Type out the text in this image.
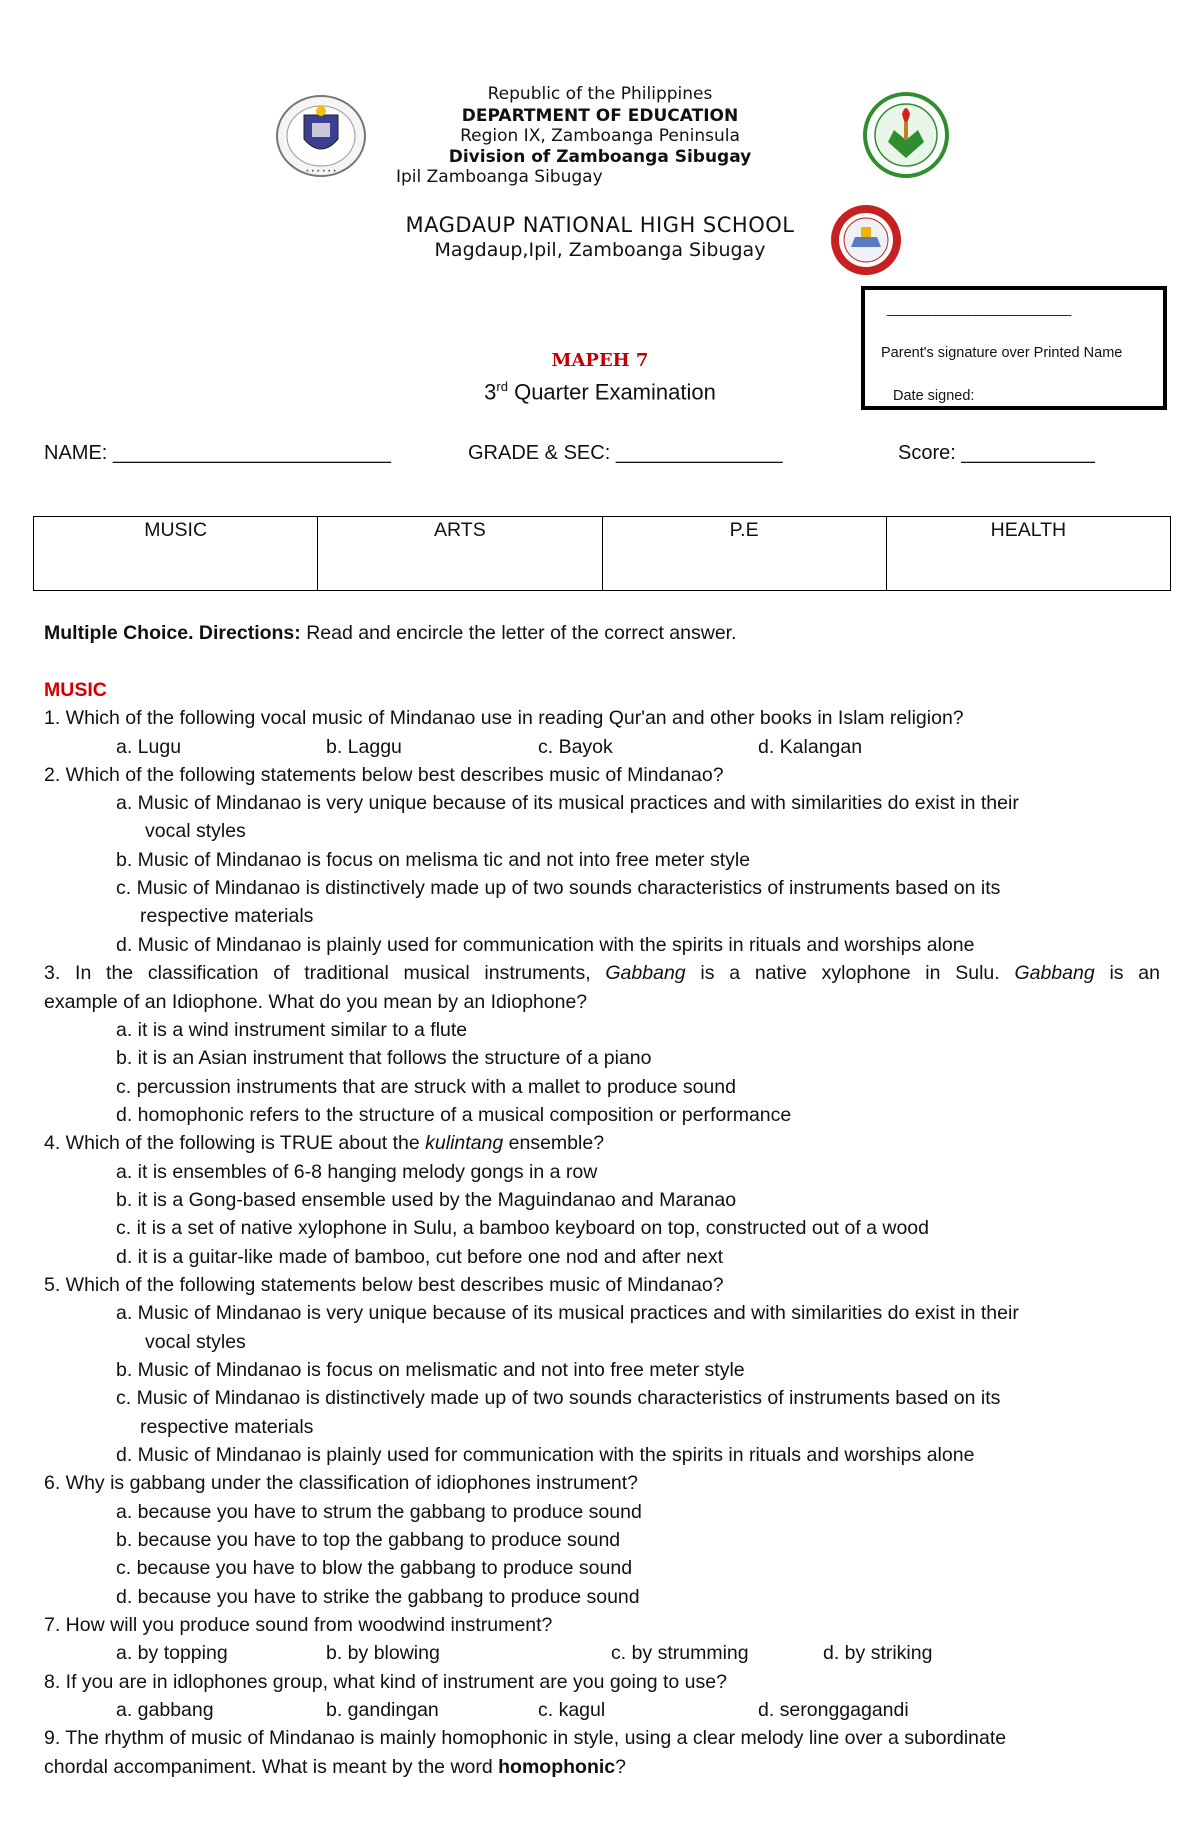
• • • • • •
Republic of the Philippines
DEPARTMENT OF EDUCATION
Region IX, Zamboanga Peninsula
Division of Zamboanga Sibugay
Ipil Zamboanga Sibugay
MAGDAUP NATIONAL HIGH SCHOOL
Magdaup,Ipil, Zamboanga Sibugay
MAPEH 7
3rd Quarter Examination
___________________________
Parent's signature over Printed Name
Date signed:
NAME: _________________________	GRADE & SEC: _______________	Score: ____________
MUSIC	ARTS	P.E	HEALTH
Multiple Choice. Directions: Read and encircle the letter of the correct answer.
MUSIC
1. Which of the following vocal music of Mindanao use in reading Qur'an and other books in Islam religion?
a. Lugu	b. Laggu	c. Bayok	d. Kalangan
2. Which of the following statements below best describes music of Mindanao?
a. Music of Mindanao is very unique because of its musical practices and with similarities do exist in their
vocal styles
b. Music of Mindanao is focus on melisma tic and not into free meter style
c. Music of Mindanao is distinctively made up of two sounds characteristics of instruments based on its
respective materials
d. Music of Mindanao is plainly used for communication with the spirits in rituals and worships alone
3. In the classification of traditional musical instruments, Gabbang is a native xylophone in Sulu. Gabbang is an
example of an Idiophone. What do you mean by an Idiophone?
a. it is a wind instrument similar to a flute
b. it is an Asian instrument that follows the structure of a piano
c. percussion instruments that are struck with a mallet to produce sound
d. homophonic refers to the structure of a musical composition or performance
4. Which of the following is TRUE about the kulintang ensemble?
a. it is ensembles of 6-8 hanging melody gongs in a row
b. it is a Gong-based ensemble used by the Maguindanao and Maranao
c. it is a set of native xylophone in Sulu, a bamboo keyboard on top, constructed out of a wood
d. it is a guitar-like made of bamboo, cut before one nod and after next
5. Which of the following statements below best describes music of Mindanao?
a. Music of Mindanao is very unique because of its musical practices and with similarities do exist in their
vocal styles
b. Music of Mindanao is focus on melismatic and not into free meter style
c. Music of Mindanao is distinctively made up of two sounds characteristics of instruments based on its
respective materials
d. Music of Mindanao is plainly used for communication with the spirits in rituals and worships alone
6. Why is gabbang under the classification of idiophones instrument?
a. because you have to strum the gabbang to produce sound
b. because you have to top the gabbang to produce sound
c. because you have to blow the gabbang to produce sound
d. because you have to strike the gabbang to produce sound
7. How will you produce sound from woodwind instrument?
a. by topping	b. by blowing	c. by strumming	d. by striking
8. If you are in idlophones group, what kind of instrument are you going to use?
a. gabbang	b. gandingan	c. kagul	d. seronggagandi
9. The rhythm of music of Mindanao is mainly homophonic in style, using a clear melody line over a subordinate
chordal accompaniment. What is meant by the word homophonic?
